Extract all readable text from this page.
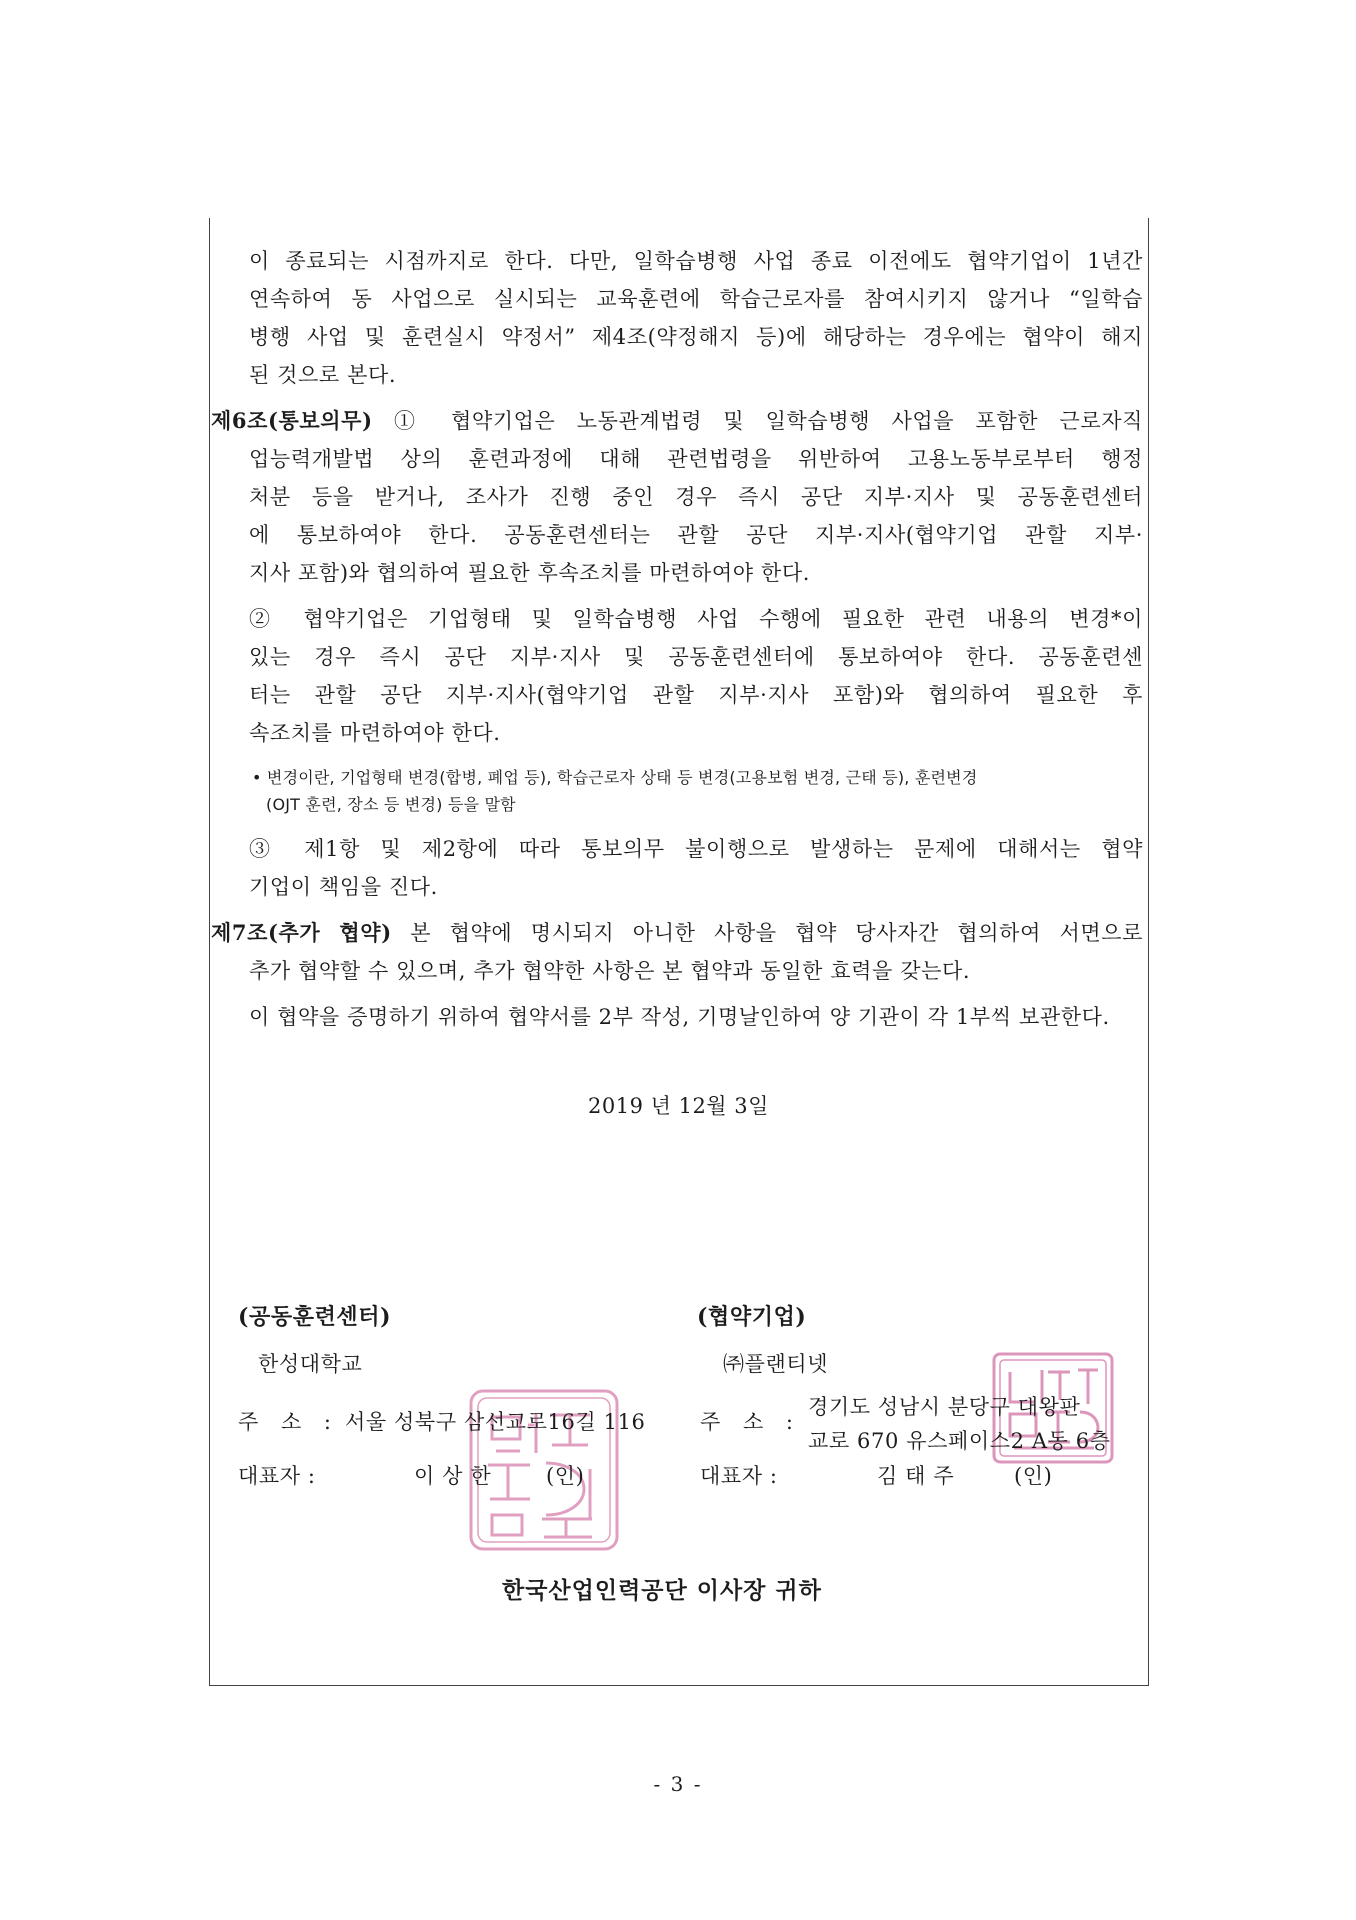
이 종료되는 시점까지로 한다. 다만, 일학습병행 사업 종료 이전에도 협약기업이 1년간
연속하여 동 사업으로 실시되는 교육훈련에 학습근로자를 참여시키지 않거나 “일학습
병행 사업 및 훈련실시 약정서” 제4조(약정해지 등)에 해당하는 경우에는 협약이 해지
된 것으로 본다.
제6조(통보의무) ① 협약기업은 노동관계법령 및 일학습병행 사업을 포함한 근로자직
업능력개발법 상의 훈련과정에 대해 관련법령을 위반하여 고용노동부로부터 행정
처분 등을 받거나, 조사가 진행 중인 경우 즉시 공단 지부·지사 및 공동훈련센터
에 통보하여야 한다. 공동훈련센터는 관할 공단 지부·지사(협약기업 관할 지부·
지사 포함)와 협의하여 필요한 후속조치를 마련하여야 한다.
② 협약기업은 기업형태 및 일학습병행 사업 수행에 필요한 관련 내용의 변경*이
있는 경우 즉시 공단 지부·지사 및 공동훈련센터에 통보하여야 한다. 공동훈련센
터는 관할 공단 지부·지사(협약기업 관할 지부·지사 포함)와 협의하여 필요한 후
속조치를 마련하여야 한다.
• 변경이란, 기업형태 변경(합병, 폐업 등), 학습근로자 상태 등 변경(고용보험 변경, 근태 등), 훈련변경
(OJT 훈련, 장소 등 변경) 등을 말함
③ 제1항 및 제2항에 따라 통보의무 불이행으로 발생하는 문제에 대해서는 협약
기업이 책임을 진다.
제7조(추가 협약) 본 협약에 명시되지 아니한 사항을 협약 당사자간 협의하여 서면으로
추가 협약할 수 있으며, 추가 협약한 사항은 본 협약과 동일한 효력을 갖는다.
이 협약을 증명하기 위하여 협약서를 2부 작성, 기명날인하여 양 기관이 각 1부씩 보관한다.
2019 년 12월 3일
(공동훈련센터)
한성대학교
주 소 : 서울 성북구 삼선교로16길 116
대표자 :	이 상 한	(인)
(협약기업)
㈜플랜티넷
주 소 :
경기도 성남시 분당구 대왕판
교로 670 유스페이스2 A동 6층
대표자 :	김 태 주	(인)
한국산업인력공단 이사장 귀하
- 3 -
